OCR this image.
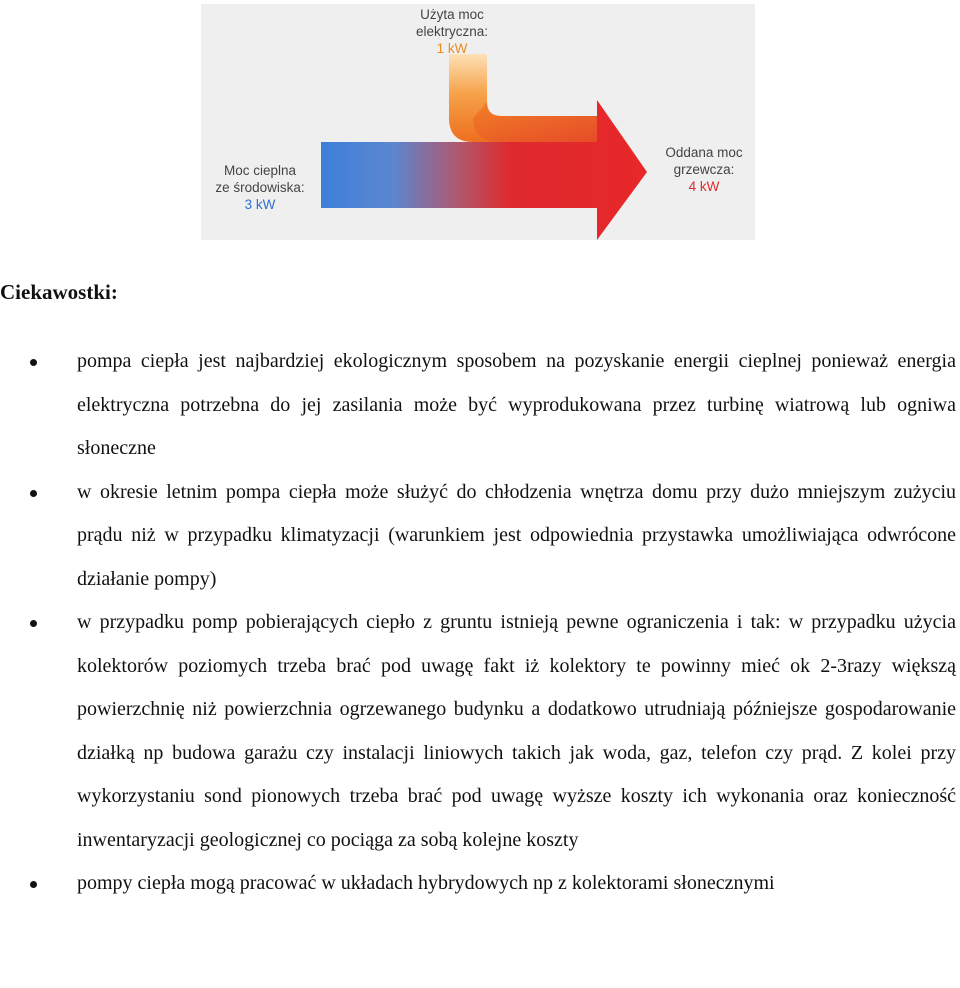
Użyta moc
elektryczna:
1 kW
Moc cieplna
ze środowiska:
3 kW
Oddana moc
grzewcza:
4 kW
Ciekawostki:
pompa ciepła jest najbardziej ekologicznym sposobem na pozyskanie energii cieplnej ponieważ energia elektryczna potrzebna do jej zasilania może być wyprodukowana przez turbinę wiatrową lub ogniwa słoneczne
w okresie letnim pompa ciepła może służyć do chłodzenia wnętrza domu przy dużo mniejszym zużyciu prądu niż w przypadku klimatyzacji (warunkiem jest odpowiednia przystawka umożliwiająca odwrócone działanie pompy)
w przypadku pomp pobierających ciepło z gruntu istnieją pewne ograniczenia i tak: w przypadku użycia kolektorów poziomych trzeba brać pod uwagę fakt iż kolektory te powinny mieć ok 2-3razy większą powierzchnię niż powierzchnia ogrzewanego budynku a dodatkowo utrudniają późniejsze gospodarowanie działką np budowa garażu czy instalacji liniowych takich jak woda, gaz, telefon czy prąd. Z kolei przy wykorzystaniu sond pionowych trzeba brać pod uwagę wyższe koszty ich wykonania oraz konieczność inwentaryzacji geologicznej co pociąga za sobą kolejne koszty
pompy ciepła mogą pracować w układach hybrydowych np z kolektorami słonecznymi
